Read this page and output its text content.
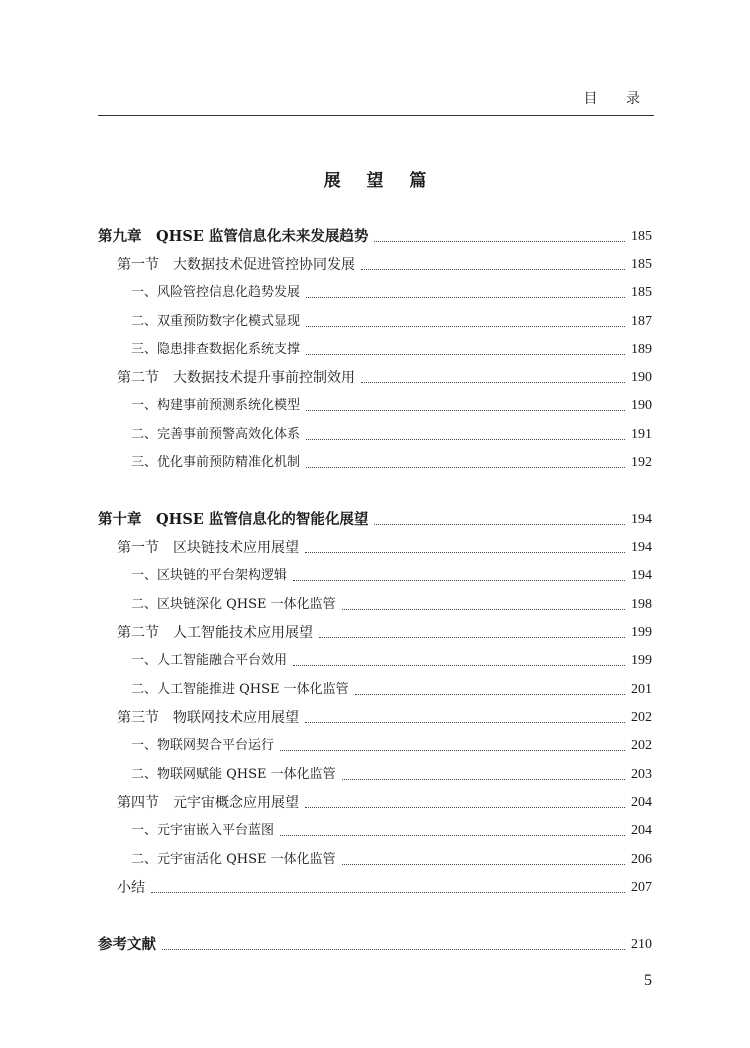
目 录
展 望 篇
第九章　QHSE 监管信息化未来发展趋势	185
第一节　大数据技术促进管控协同发展	185
一、风险管控信息化趋势发展	185
二、双重预防数字化模式显现	187
三、隐患排查数据化系统支撑	189
第二节　大数据技术提升事前控制效用	190
一、构建事前预测系统化模型	190
二、完善事前预警高效化体系	191
三、优化事前预防精准化机制	192
第十章　QHSE 监管信息化的智能化展望	194
第一节　区块链技术应用展望	194
一、区块链的平台架构逻辑	194
二、区块链深化 QHSE 一体化监管	198
第二节　人工智能技术应用展望	199
一、人工智能融合平台效用	199
二、人工智能推进 QHSE 一体化监管	201
第三节　物联网技术应用展望	202
一、物联网契合平台运行	202
二、物联网赋能 QHSE 一体化监管	203
第四节　元宇宙概念应用展望	204
一、元宇宙嵌入平台蓝图	204
二、元宇宙活化 QHSE 一体化监管	206
小结	207
参考文献	210
5
